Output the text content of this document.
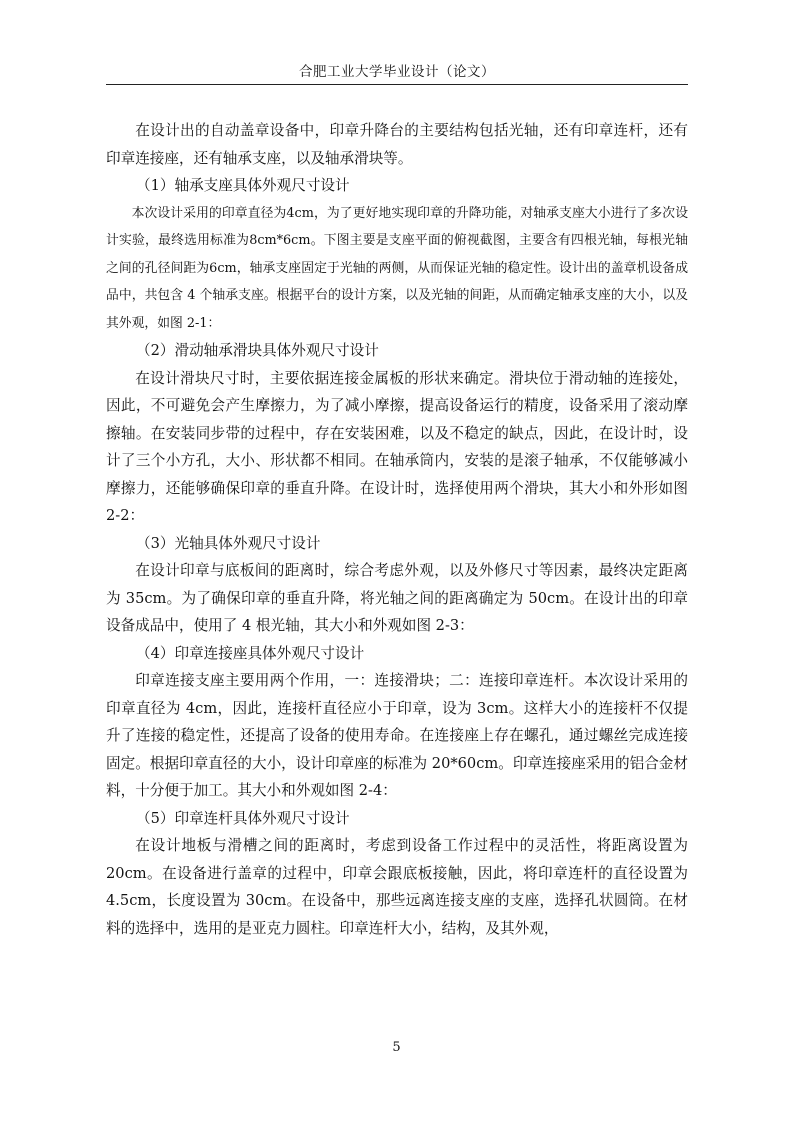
合肥工业大学毕业设计（论文）

在设计出的自动盖章设备中，印章升降台的主要结构包括光轴，还有印章连杆，还有印章连接座，还有轴承支座，以及轴承滑块等。

（1）轴承支座具体外观尺寸设计

本次设计采用的印章直径为4cm，为了更好地实现印章的升降功能，对轴承支座大小进行了多次设计实验，最终选用标准为8cm*6cm。下图主要是支座平面的俯视截图，主要含有四根光轴，每根光轴之间的孔径间距为6cm，轴承支座固定于光轴的两侧，从而保证光轴的稳定性。设计出的盖章机设备成品中，共包含 4 个轴承支座。根据平台的设计方案，以及光轴的间距，从而确定轴承支座的大小，以及其外观，如图 2-1：

（2）滑动轴承滑块具体外观尺寸设计

在设计滑块尺寸时，主要依据连接金属板的形状来确定。滑块位于滑动轴的连接处，因此，不可避免会产生摩擦力，为了减小摩擦，提高设备运行的精度，设备采用了滚动摩擦轴。在安装同步带的过程中，存在安装困难，以及不稳定的缺点，因此，在设计时，设计了三个小方孔，大小、形状都不相同。在轴承筒内，安装的是滚子轴承，不仅能够减小摩擦力，还能够确保印章的垂直升降。在设计时，选择使用两个滑块，其大小和外形如图 2-2：

（3）光轴具体外观尺寸设计

在设计印章与底板间的距离时，综合考虑外观，以及外修尺寸等因素，最终决定距离为 35cm。为了确保印章的垂直升降，将光轴之间的距离确定为 50cm。在设计出的印章设备成品中，使用了 4 根光轴，其大小和外观如图 2-3：

（4）印章连接座具体外观尺寸设计

印章连接支座主要用两个作用，一：连接滑块；二：连接印章连杆。本次设计采用的印章直径为 4cm，因此，连接杆直径应小于印章，设为 3cm。这样大小的连接杆不仅提升了连接的稳定性，还提高了设备的使用寿命。在连接座上存在螺孔，通过螺丝完成连接固定。根据印章直径的大小，设计印章座的标准为 20*60cm。印章连接座采用的铝合金材料，十分便于加工。其大小和外观如图 2-4：

（5）印章连杆具体外观尺寸设计

在设计地板与滑槽之间的距离时，考虑到设备工作过程中的灵活性，将距离设置为 20cm。在设备进行盖章的过程中，印章会跟底板接触，因此，将印章连杆的直径设置为 4.5cm，长度设置为 30cm。在设备中，那些远离连接支座的支座，选择孔状圆筒。在材料的选择中，选用的是亚克力圆柱。印章连杆大小，结构，及其外观，

5
